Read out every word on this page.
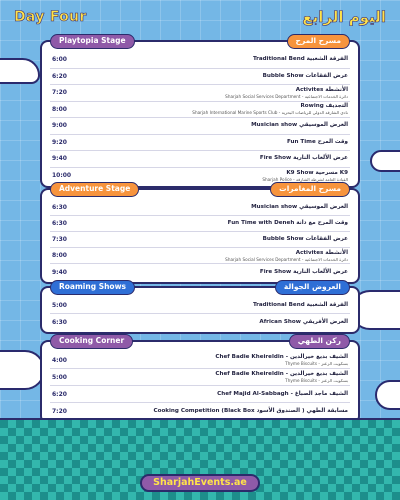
Day Four	اليوم الرابع
Playtopia Stage	مسرح المرح
6:00	Traditional Bend الفرقة الشعبية
6:20	Bubble Show عرض الفقاعات
7:20	Activites الأنشطة
Sharjah Social Services Department - دائرة الخدمات الاجتماعية
8:00	Rowing التجديف
Sharjah International Marine Sports Club - نادي الشارقة الدولي للرياضات البحرية
9:00	Musician show العرض الموسيقي
9:20	Fun Time وقت المرح
9:40	Fire Show عرض الألعاب النارية
10:00	K9 Show مسرحية K9
Sharjah Police - القيادة العامة لشرطة الشارقة
Adventure Stage	مسرح المغامرات
6:30	Musician show العرض الموسيقي
6:30	Fun Time with Deneh وقت المرح مع دانة
7:30	Bubble Show عرض الفقاعات
8:00	Activites الأنشطة
Sharjah Social Services Department - دائرة الخدمات الاجتماعية
9:40	Fire Show عرض الألعاب النارية
Roaming Shows	العروض الجوالة
5:00	Traditional Bend الفرقة الشعبية
6:30	African Show العرض الأفريقي
Cooking Corner	ركن الطهي
4:00	Chef Badie Kheireldin - الشيف بديع خيرالدين
Thyme Biscuits - بسكويت الزعتر
5:00	Chef Badie Kheireldin - الشيف بديع خيرالدين
Thyme Biscuits - بسكويت الزعتر
6:20	Chef Majid Al-Sabbagh - الشيف ماجد الصباغ
7:20	Cooking Competition (Black Box مسابقة الطهي ( الصندوق الأسود
SharjahEvents.ae
